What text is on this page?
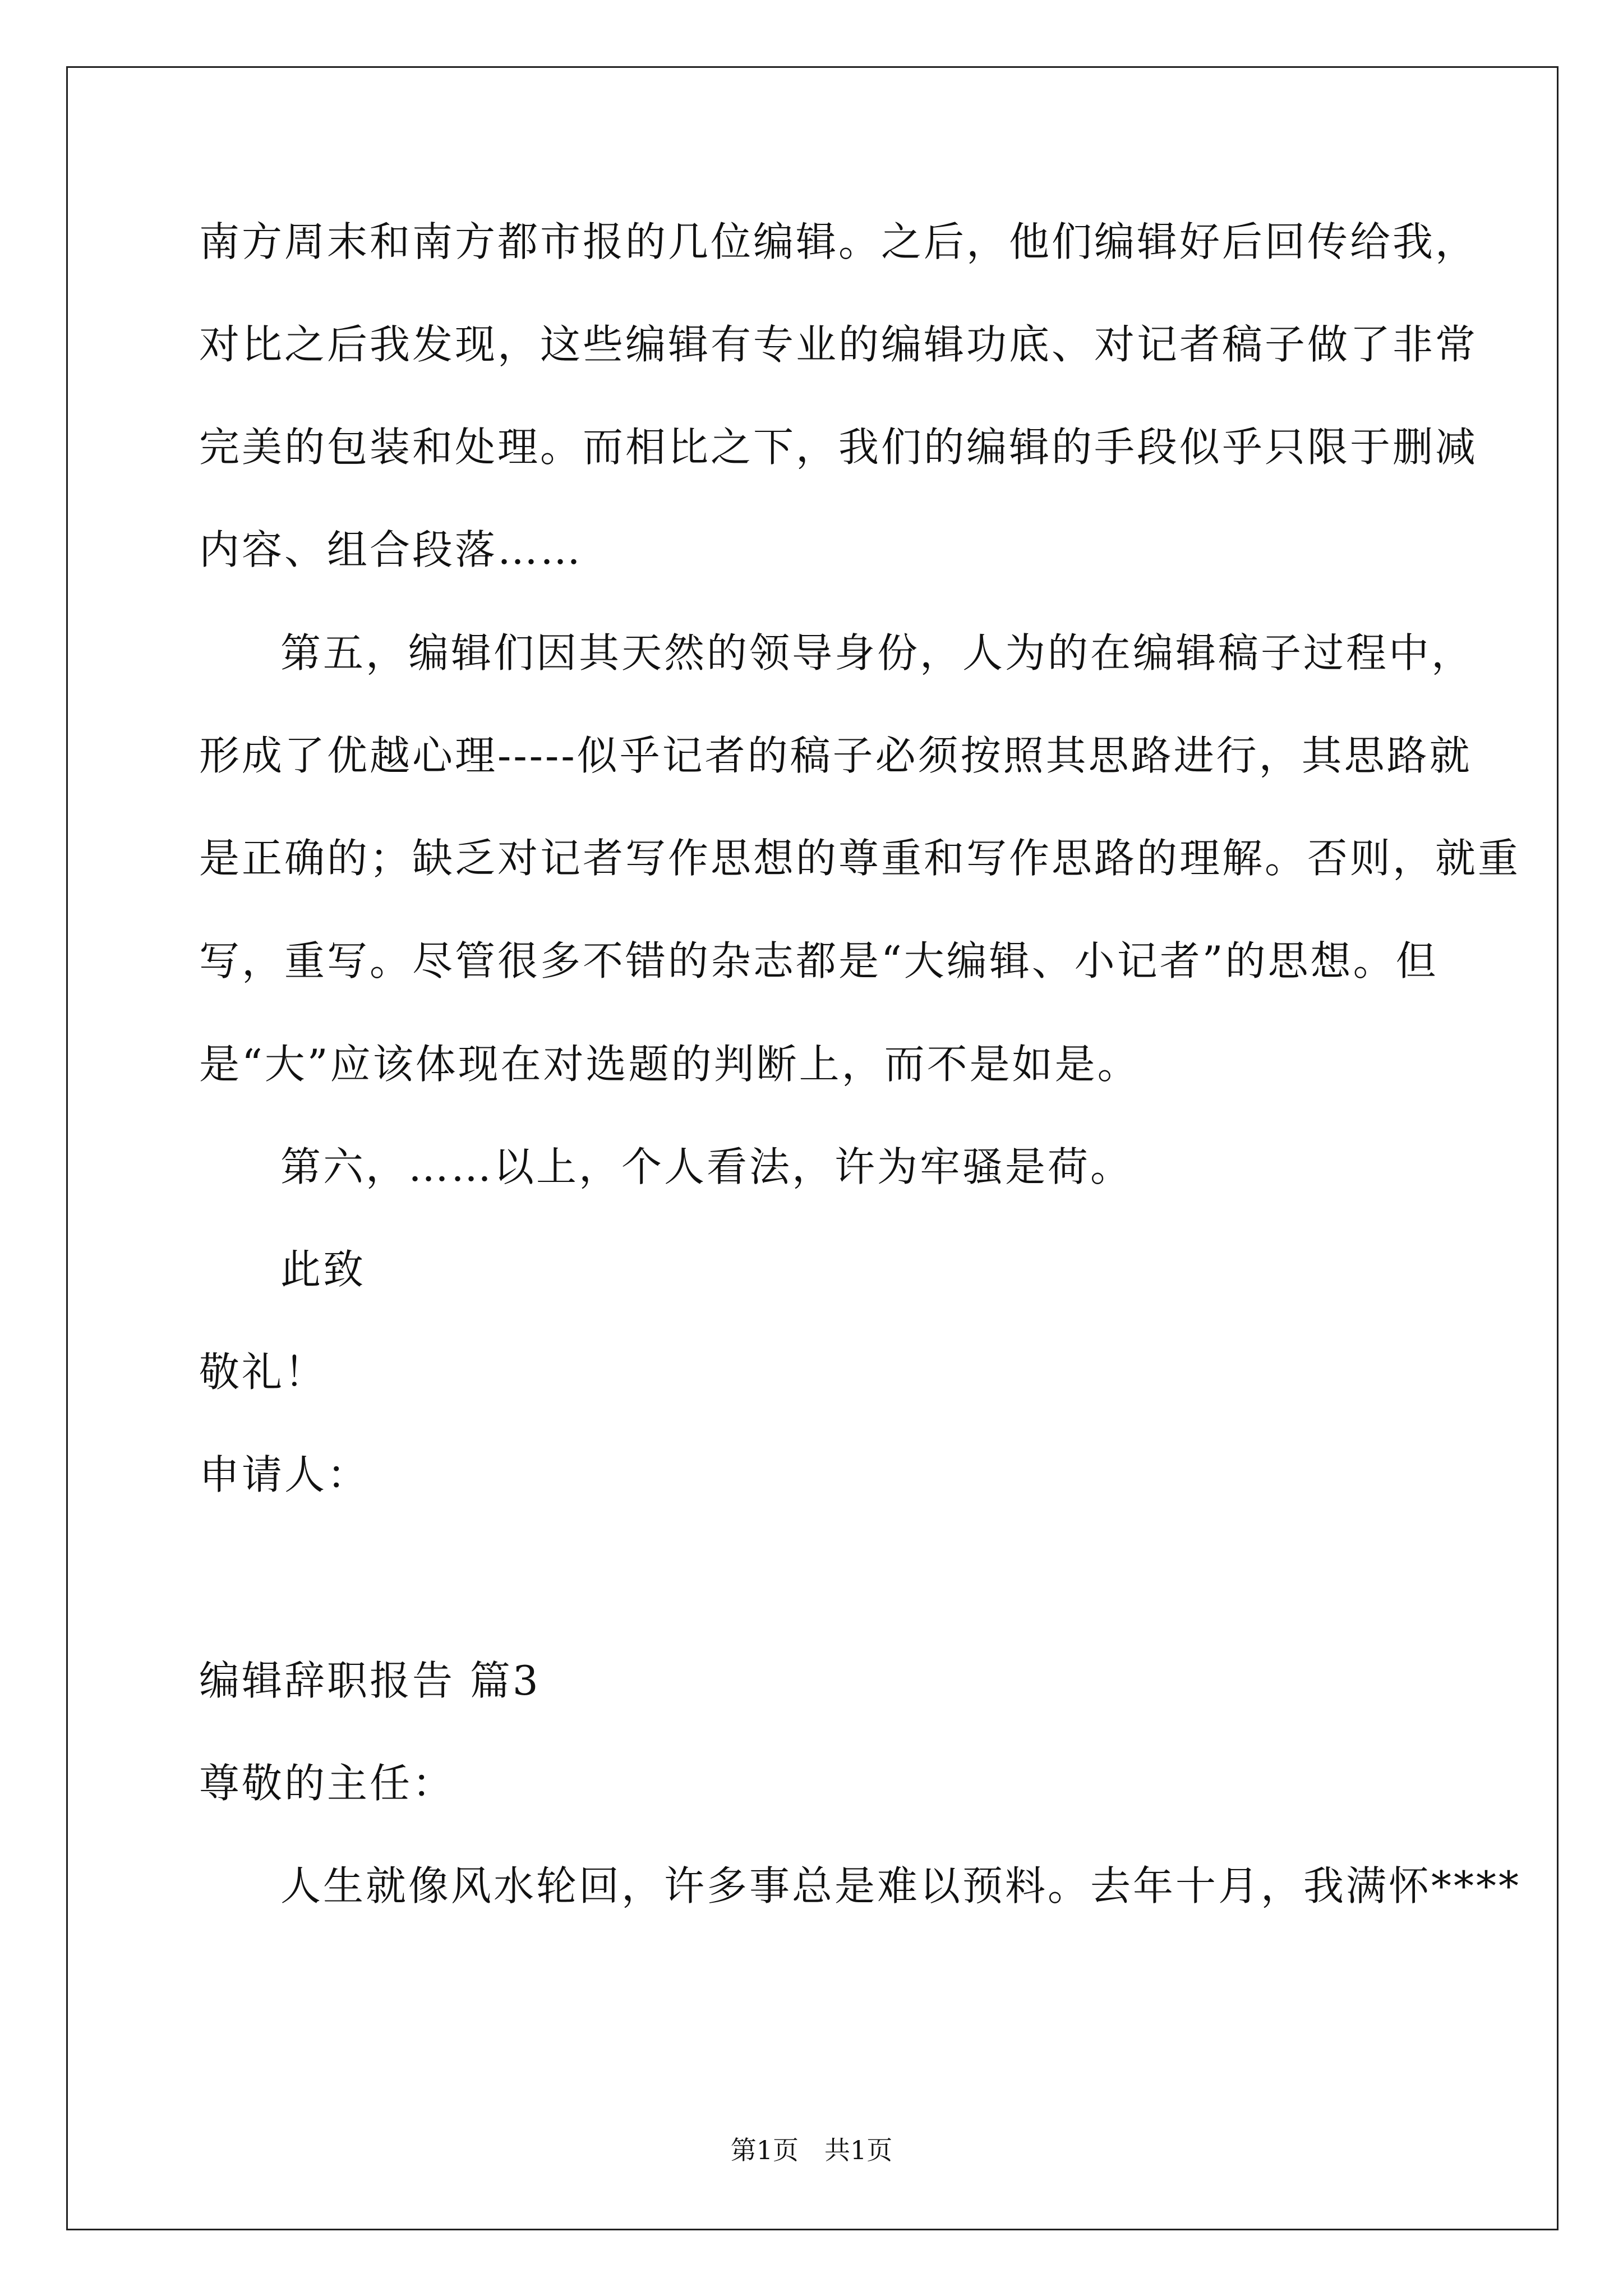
南方周末和南方都市报的几位编辑。之后，他们编辑好后回传给我，
对比之后我发现，这些编辑有专业的编辑功底、对记者稿子做了非常
完美的包装和处理。而相比之下，我们的编辑的手段似乎只限于删减
内容、组合段落……
第五，编辑们因其天然的领导身份，人为的在编辑稿子过程中，
形成了优越心理-----似乎记者的稿子必须按照其思路进行，其思路就
是正确的；缺乏对记者写作思想的尊重和写作思路的理解。否则，就重
写，重写。尽管很多不错的杂志都是“大编辑、小记者”的思想。但
是“大”应该体现在对选题的判断上，而不是如是。
第六，……以上，个人看法，许为牢骚是荷。
此致
敬礼！
申请人：
编辑辞职报告 篇3
尊敬的主任：
人生就像风水轮回，许多事总是难以预料。去年十月，我满怀****
第1页　共1页
